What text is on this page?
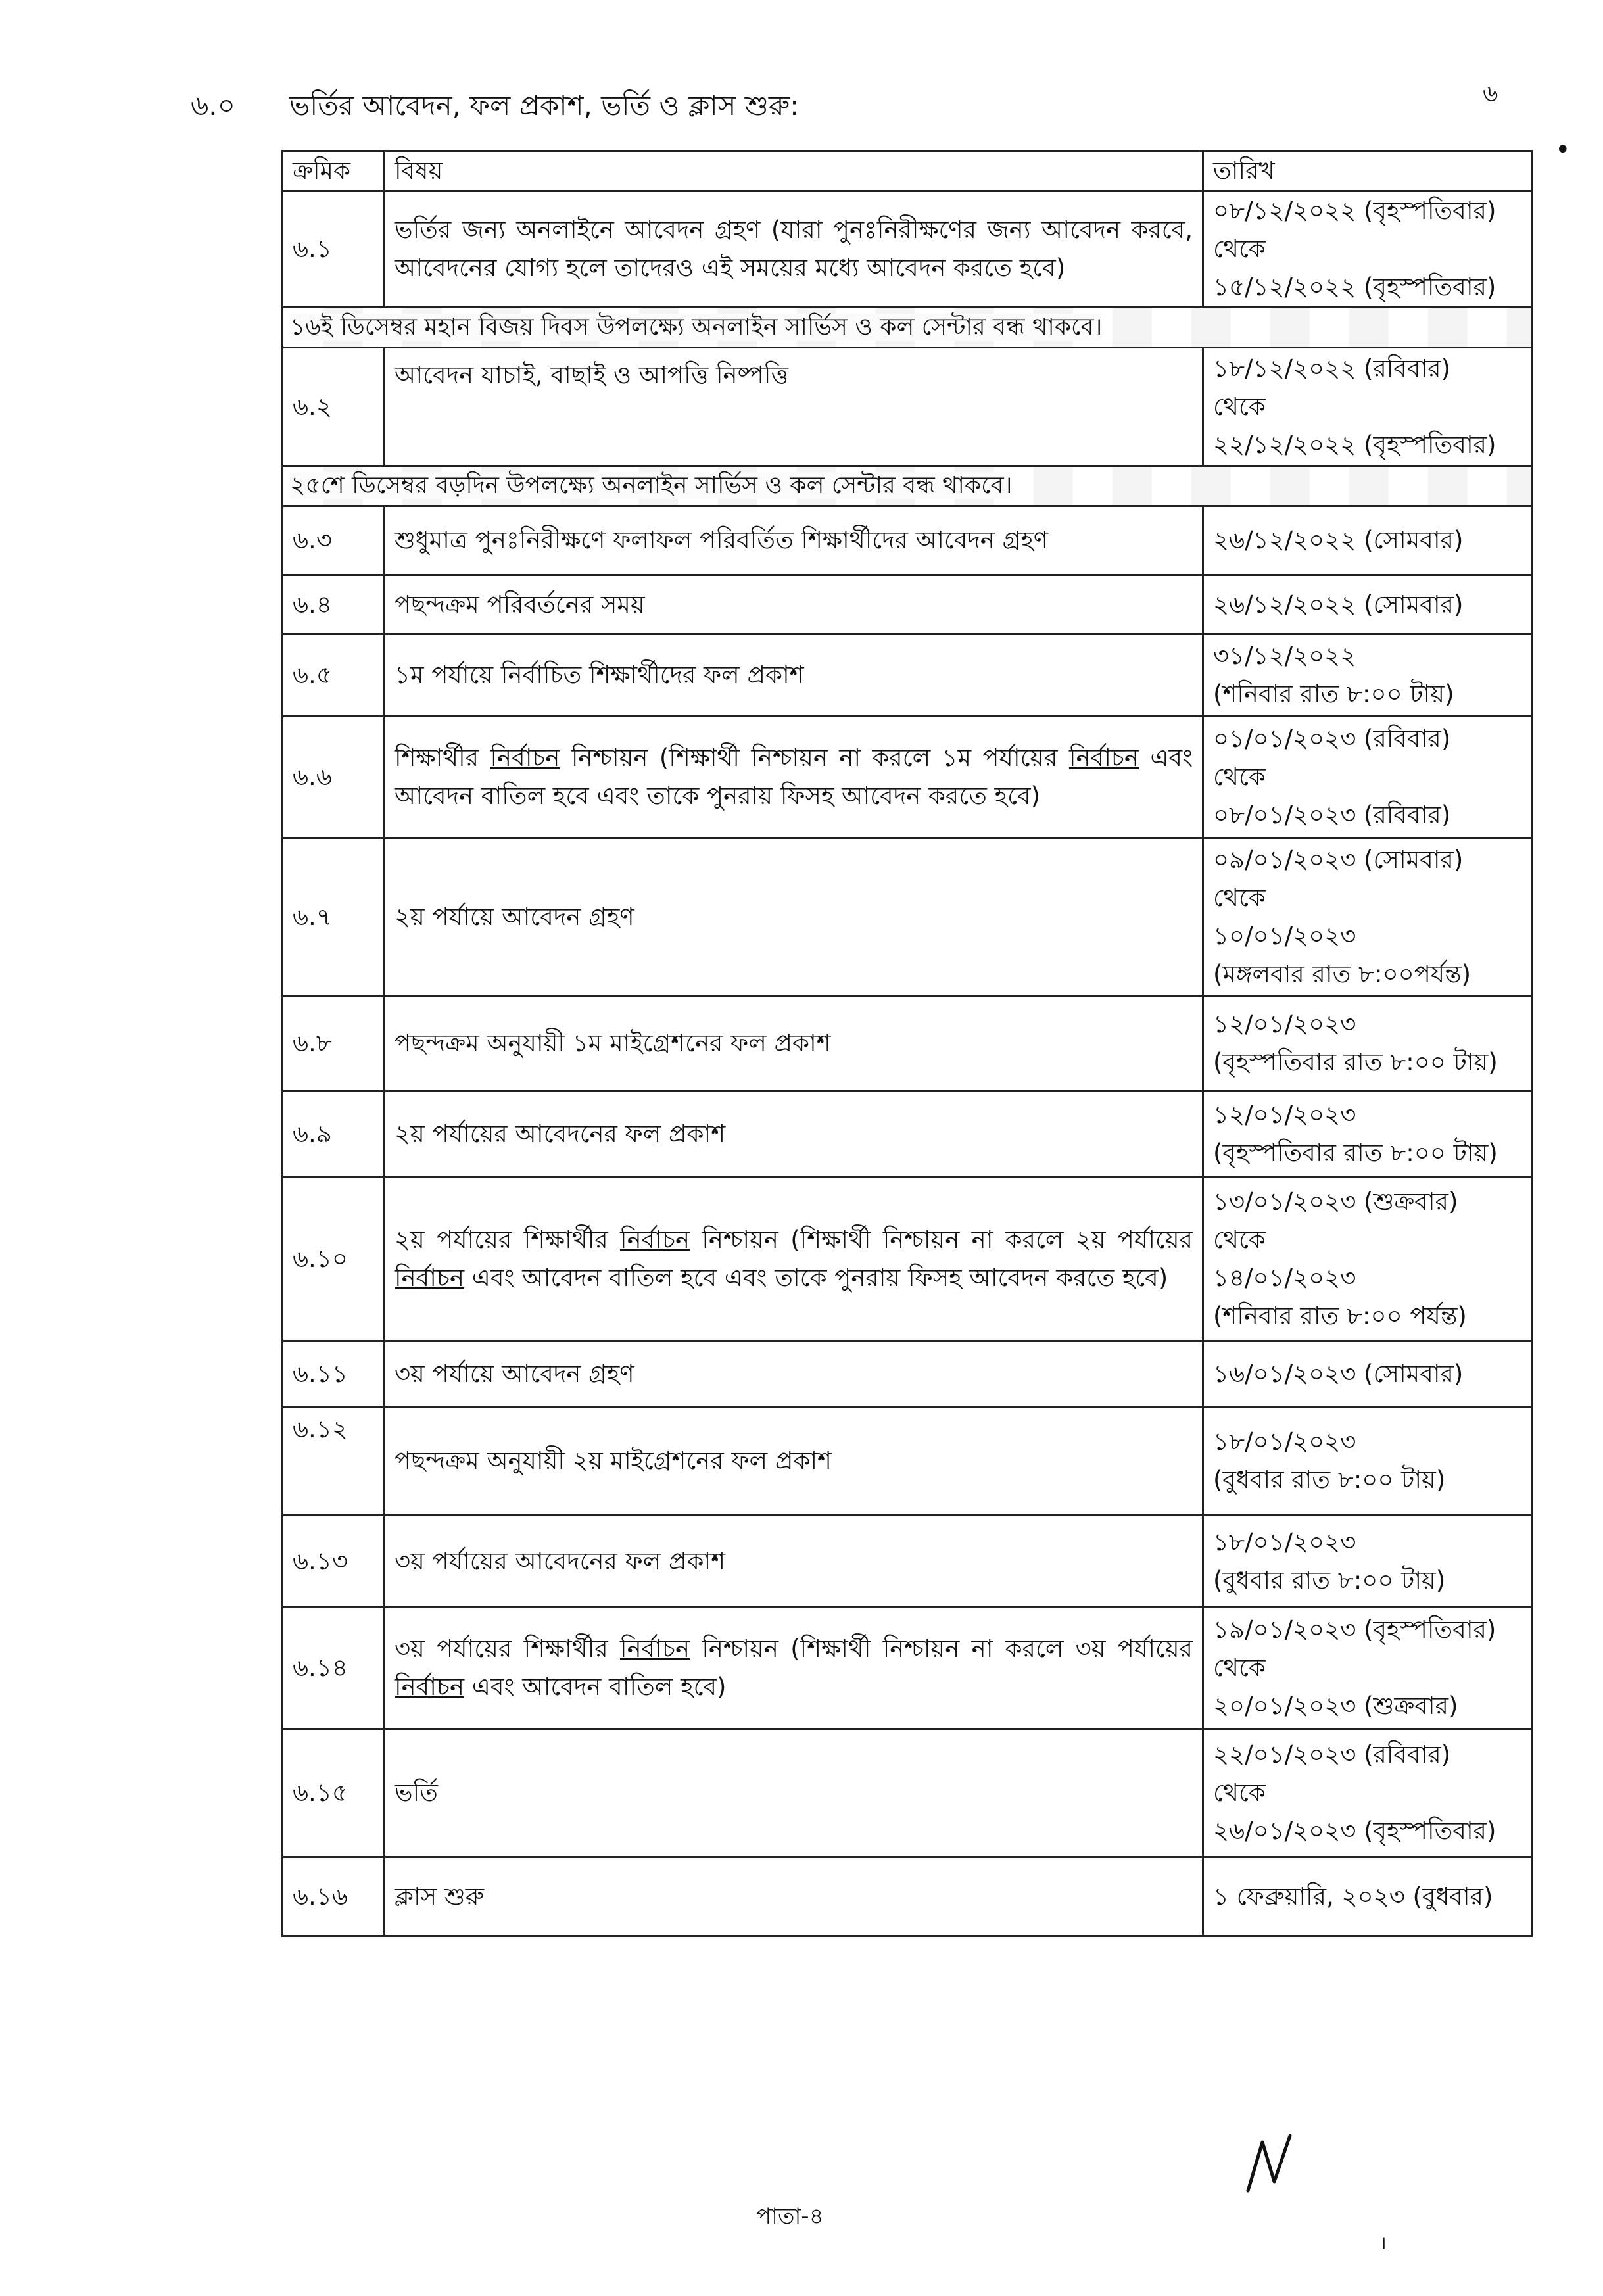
৬.০	ভর্তির আবেদন, ফল প্রকাশ, ভর্তি ও ক্লাস শুরু:	৬
•
ক্রমিক	বিষয়	তারিখ
৬.১	ভর্তির জন্য অনলাইনে আবেদন গ্রহণ (যারা পুনঃনিরীক্ষণের জন্য আবেদন করবে, আবেদনের যোগ্য হলে তাদেরও এই সময়ের মধ্যে আবেদন করতে হবে)	০৮/১২/২০২২ (বৃহস্পতিবার)
থেকে
১৫/১২/২০২২ (বৃহস্পতিবার)
১৬ই ডিসেম্বর মহান বিজয় দিবস উপলক্ষ্যে অনলাইন সার্ভিস ও কল সেন্টার বন্ধ থাকবে।		
৬.২	আবেদন যাচাই, বাছাই ও আপত্তি নিষ্পত্তি	১৮/১২/২০২২ (রবিবার)
থেকে
২২/১২/২০২২ (বৃহস্পতিবার)
২৫শে ডিসেম্বর বড়দিন উপলক্ষ্যে অনলাইন সার্ভিস ও কল সেন্টার বন্ধ থাকবে।		
৬.৩	শুধুমাত্র পুনঃনিরীক্ষণে ফলাফল পরিবর্তিত শিক্ষার্থীদের আবেদন গ্রহণ	২৬/১২/২০২২ (সোমবার)
৬.৪	পছন্দক্রম পরিবর্তনের সময়	২৬/১২/২০২২ (সোমবার)
৬.৫	১ম পর্যায়ে নির্বাচিত শিক্ষার্থীদের ফল প্রকাশ	৩১/১২/২০২২
(শনিবার রাত ৮:০০ টায়)
৬.৬	শিক্ষার্থীর নির্বাচন নিশ্চায়ন (শিক্ষার্থী নিশ্চায়ন না করলে ১ম পর্যায়ের নির্বাচন এবং আবেদন বাতিল হবে এবং তাকে পুনরায় ফিসহ আবেদন করতে হবে)	০১/০১/২০২৩ (রবিবার)
থেকে
০৮/০১/২০২৩ (রবিবার)
৬.৭	২য় পর্যায়ে আবেদন গ্রহণ	০৯/০১/২০২৩ (সোমবার)
থেকে
১০/০১/২০২৩
(মঙ্গলবার রাত ৮:০০পর্যন্ত)
৬.৮	পছন্দক্রম অনুযায়ী ১ম মাইগ্রেশনের ফল প্রকাশ	১২/০১/২০২৩
(বৃহস্পতিবার রাত ৮:০০ টায়)
৬.৯	২য় পর্যায়ের আবেদনের ফল প্রকাশ	১২/০১/২০২৩
(বৃহস্পতিবার রাত ৮:০০ টায়)
৬.১০	২য় পর্যায়ের শিক্ষার্থীর নির্বাচন নিশ্চায়ন (শিক্ষার্থী নিশ্চায়ন না করলে ২য় পর্যায়ের নির্বাচন এবং আবেদন বাতিল হবে এবং তাকে পুনরায় ফিসহ আবেদন করতে হবে)	১৩/০১/২০২৩ (শুক্রবার)
থেকে
১৪/০১/২০২৩
(শনিবার রাত ৮:০০ পর্যন্ত)
৬.১১	৩য় পর্যায়ে আবেদন গ্রহণ	১৬/০১/২০২৩ (সোমবার)
৬.১২	পছন্দক্রম অনুযায়ী ২য় মাইগ্রেশনের ফল প্রকাশ	১৮/০১/২০২৩
(বুধবার রাত ৮:০০ টায়)
৬.১৩	৩য় পর্যায়ের আবেদনের ফল প্রকাশ	১৮/০১/২০২৩
(বুধবার রাত ৮:০০ টায়)
৬.১৪	৩য় পর্যায়ের শিক্ষার্থীর নির্বাচন নিশ্চায়ন (শিক্ষার্থী নিশ্চায়ন না করলে ৩য় পর্যায়ের নির্বাচন এবং আবেদন বাতিল হবে)	১৯/০১/২০২৩ (বৃহস্পতিবার)
থেকে
২০/০১/২০২৩ (শুক্রবার)
৬.১৫	ভর্তি	২২/০১/২০২৩ (রবিবার)
থেকে
২৬/০১/২০২৩ (বৃহস্পতিবার)
৬.১৬	ক্লাস শুরু	১ ফেব্রুয়ারি, ২০২৩ (বুধবার)
পাতা-৪
।
